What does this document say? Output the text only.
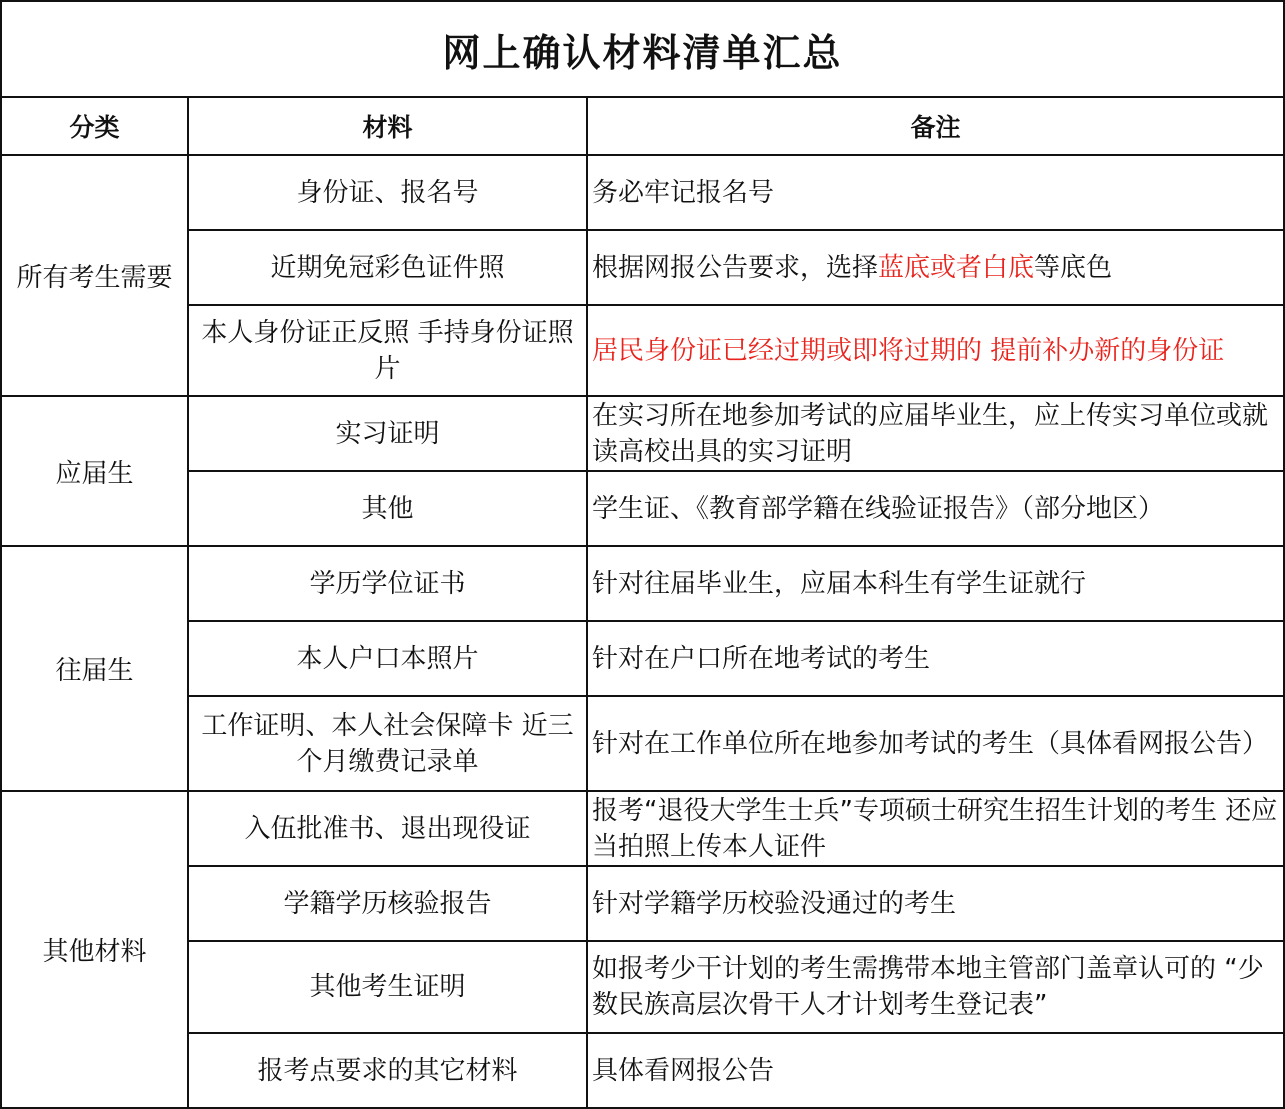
网上确认材料清单汇总		
分类	材料	备注
所有考生需要	身份证、报名号	务必牢记报名号
	近期免冠彩色证件照	根据网报公告要求，选择蓝底或者白底等底色
	本人身份证正反照 手持身份证照片	居民身份证已经过期或即将过期的 提前补办新的身份证
应届生	实习证明	在实习所在地参加考试的应届毕业生，应上传实习单位或就读高校出具的实习证明
	其他	学生证、《教育部学籍在线验证报告》（部分地区）
往届生	学历学位证书	针对往届毕业生，应届本科生有学生证就行
	本人户口本照片	针对在户口所在地考试的考生
	工作证明、本人社会保障卡 近三个月缴费记录单	针对在工作单位所在地参加考试的考生（具体看网报公告）
其他材料	入伍批准书、退出现役证	报考“退役大学生士兵”专项硕士研究生招生计划的考生 还应当拍照上传本人证件
	学籍学历核验报告	针对学籍学历校验没通过的考生
	其他考生证明	如报考少干计划的考生需携带本地主管部门盖章认可的 “少数民族高层次骨干人才计划考生登记表”
	报考点要求的其它材料	具体看网报公告
